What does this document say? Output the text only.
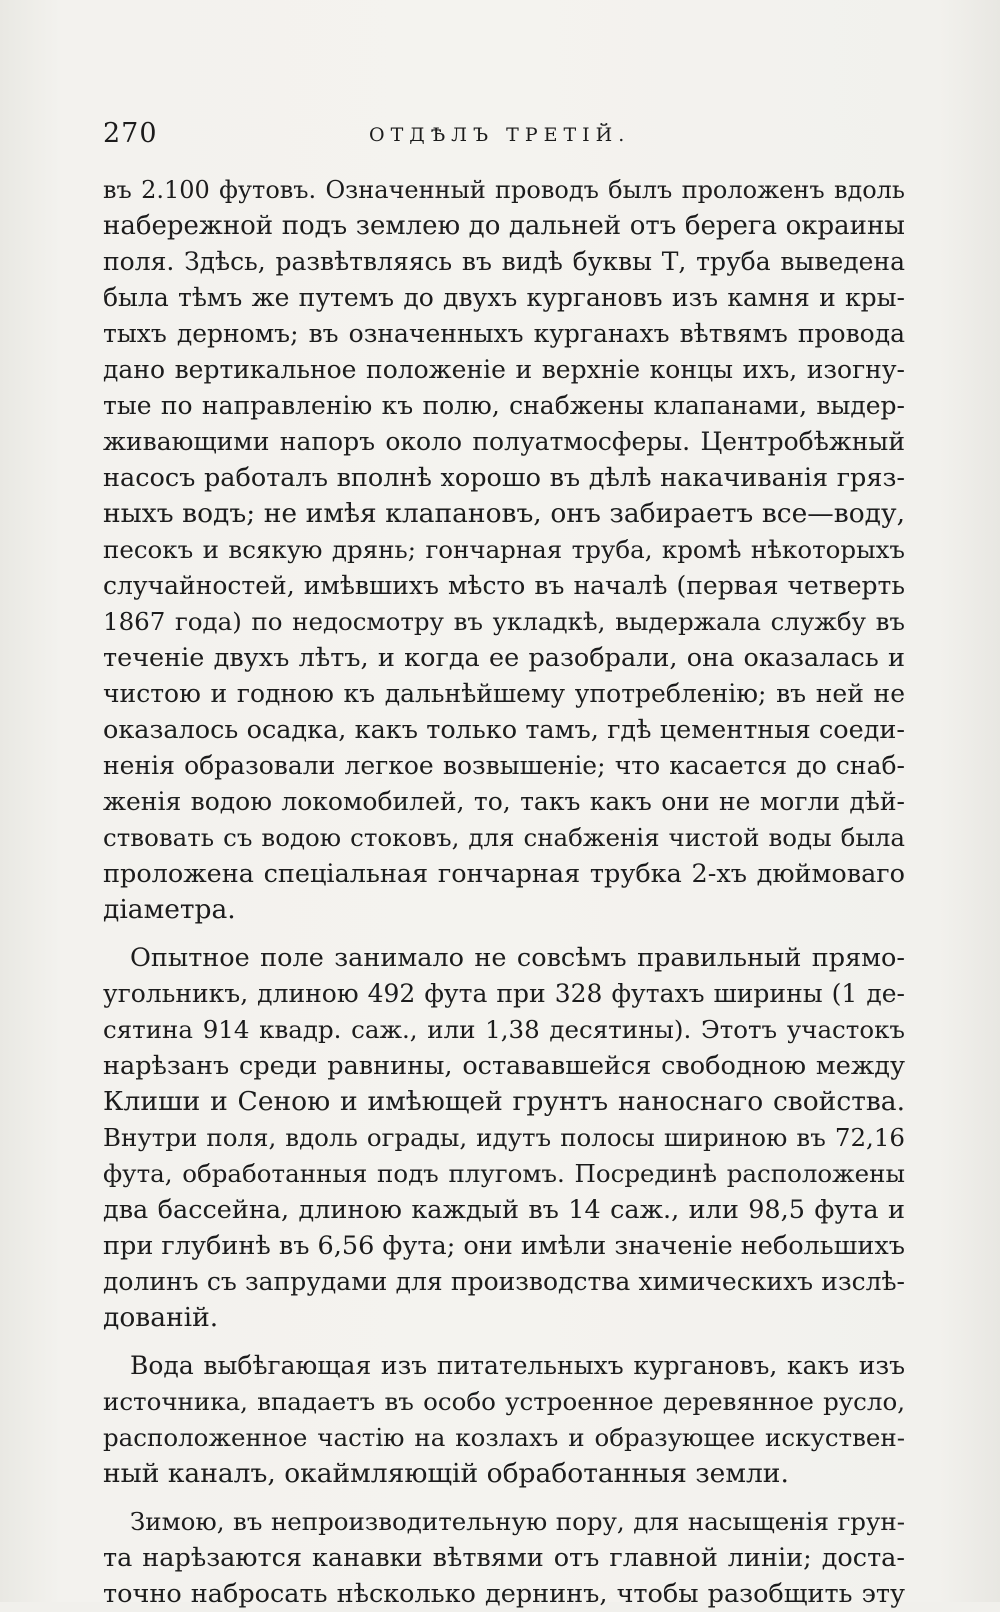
270	ОТДѢЛЪ ТРЕТІЙ.
въ 2.100 футовъ. Означенный проводъ былъ проложенъ вдоль
набережной подъ землею до дальней отъ берега окраины
поля. Здѣсь, развѣтвляясь въ видѣ буквы Т, труба выведена
была тѣмъ же путемъ до двухъ кургановъ изъ камня и кры-
тыхъ дерномъ; въ означенныхъ курганахъ вѣтвямъ провода
дано вертикальное положеніе и верхніе концы ихъ, изогну-
тые по направленію къ полю, снабжены клапанами, выдер-
живающими напоръ около полуатмосферы. Центробѣжный
насосъ работалъ вполнѣ хорошо въ дѣлѣ накачиванія гряз-
ныхъ водъ; не имѣя клапановъ, онъ забираетъ все—воду,
песокъ и всякую дрянь; гончарная труба, кромѣ нѣкоторыхъ
случайностей, имѣвшихъ мѣсто въ началѣ (первая четверть
1867 года) по недосмотру въ укладкѣ, выдержала службу въ
теченіе двухъ лѣтъ, и когда ее разобрали, она оказалась и
чистою и годною къ дальнѣйшему употребленію; въ ней не
оказалось осадка, какъ только тамъ, гдѣ цементныя соеди-
ненія образовали легкое возвышеніе; что касается до снаб-
женія водою локомобилей, то, такъ какъ они не могли дѣй-
ствовать съ водою стоковъ, для снабженія чистой воды была
проложена спеціальная гончарная трубка 2-хъ дюймоваго
діаметра.
Опытное поле занимало не совсѣмъ правильный прямо-
угольникъ, длиною 492 фута при 328 футахъ ширины (1 де-
сятина 914 квадр. саж., или 1,38 десятины). Этотъ участокъ
нарѣзанъ среди равнины, остававшейся свободною между
Клиши и Сеною и имѣющей грунтъ наноснаго свойства.
Внутри поля, вдоль ограды, идутъ полосы шириною въ 72,16
фута, обработанныя подъ плугомъ. Посрединѣ расположены
два бассейна, длиною каждый въ 14 саж., или 98,5 фута и
при глубинѣ въ 6,56 фута; они имѣли значеніе небольшихъ
долинъ съ запрудами для производства химическихъ изслѣ-
дованій.
Вода выбѣгающая изъ питательныхъ кургановъ, какъ изъ
источника, впадаетъ въ особо устроенное деревянное русло,
расположенное частію на козлахъ и образующее искуствен-
ный каналъ, окаймляющій обработанныя земли.
Зимою, въ непроизводительную пору, для насыщенія грун-
та нарѣзаются канавки вѣтвями отъ главной линіи; доста-
точно набросать нѣсколько дернинъ, чтобы разобщить эту
